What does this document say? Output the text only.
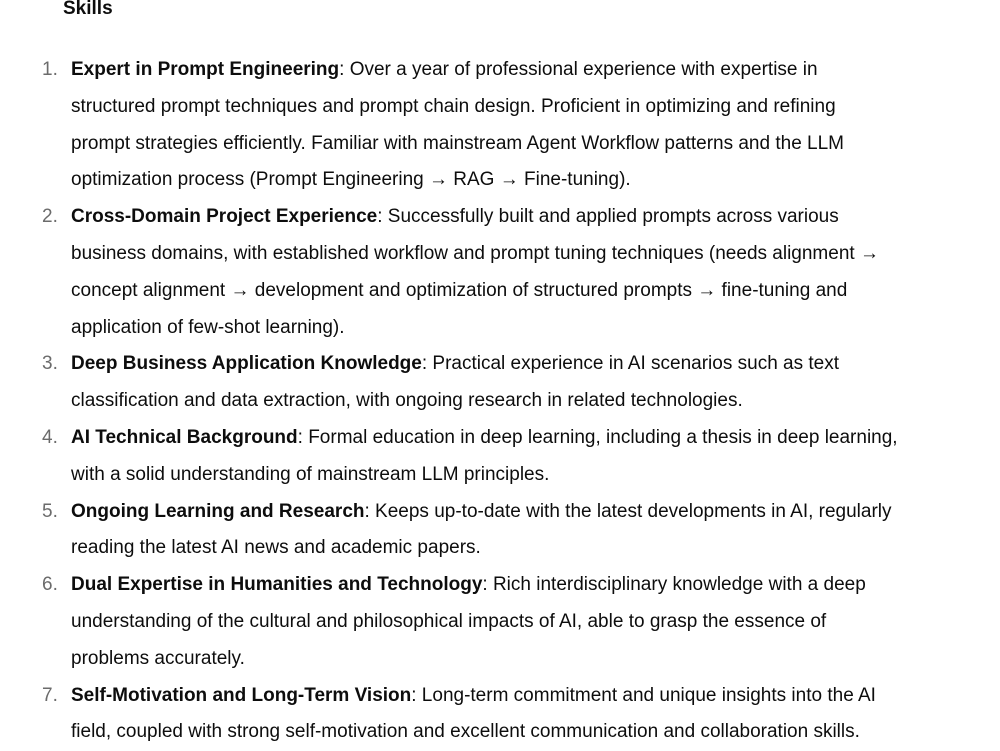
Skills
1. Expert in Prompt Engineering: Over a year of professional experience with expertise in
structured prompt techniques and prompt chain design. Proficient in optimizing and refining
prompt strategies efficiently. Familiar with mainstream Agent Workflow patterns and the LLM
optimization process (Prompt Engineering → RAG → Fine-tuning).
2. Cross-Domain Project Experience: Successfully built and applied prompts across various
business domains, with established workflow and prompt tuning techniques (needs alignment →
concept alignment → development and optimization of structured prompts → fine-tuning and
application of few-shot learning).
3. Deep Business Application Knowledge: Practical experience in AI scenarios such as text
classification and data extraction, with ongoing research in related technologies.
4. AI Technical Background: Formal education in deep learning, including a thesis in deep learning,
with a solid understanding of mainstream LLM principles.
5. Ongoing Learning and Research: Keeps up-to-date with the latest developments in AI, regularly
reading the latest AI news and academic papers.
6. Dual Expertise in Humanities and Technology: Rich interdisciplinary knowledge with a deep
understanding of the cultural and philosophical impacts of AI, able to grasp the essence of
problems accurately.
7. Self-Motivation and Long-Term Vision: Long-term commitment and unique insights into the AI
field, coupled with strong self-motivation and excellent communication and collaboration skills.
